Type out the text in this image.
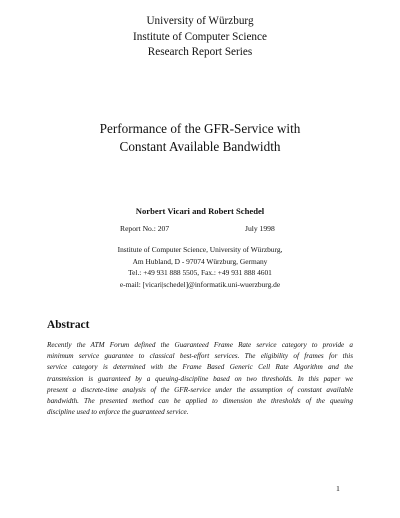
University of Würzburg
Institute of Computer Science
Research Report Series
Performance of the GFR-Service with
Constant Available Bandwidth
Norbert Vicari and Robert Schedel
Report No.: 207	July 1998
Institute of Computer Science, University of Würzburg,
Am Hubland, D - 97074 Würzburg, Germany
Tel.: +49 931 888 5505, Fax.: +49 931 888 4601
e-mail: [vicari|schedel]@informatik.uni-wuerzburg.de
Abstract
Recently the ATM Forum defined the Guaranteed Frame Rate service category to provide a
minimum service guarantee to classical best-effort services. The eligibility of frames for this
service category is determined with the Frame Based Generic Cell Rate Algorithm and the
transmission is guaranteed by a queuing-discipline based on two thresholds. In this paper we
present a discrete-time analysis of the GFR-service under the assumption of constant available
bandwidth. The presented method can be applied to dimension the thresholds of the queuing
discipline used to enforce the guaranteed service.
1
